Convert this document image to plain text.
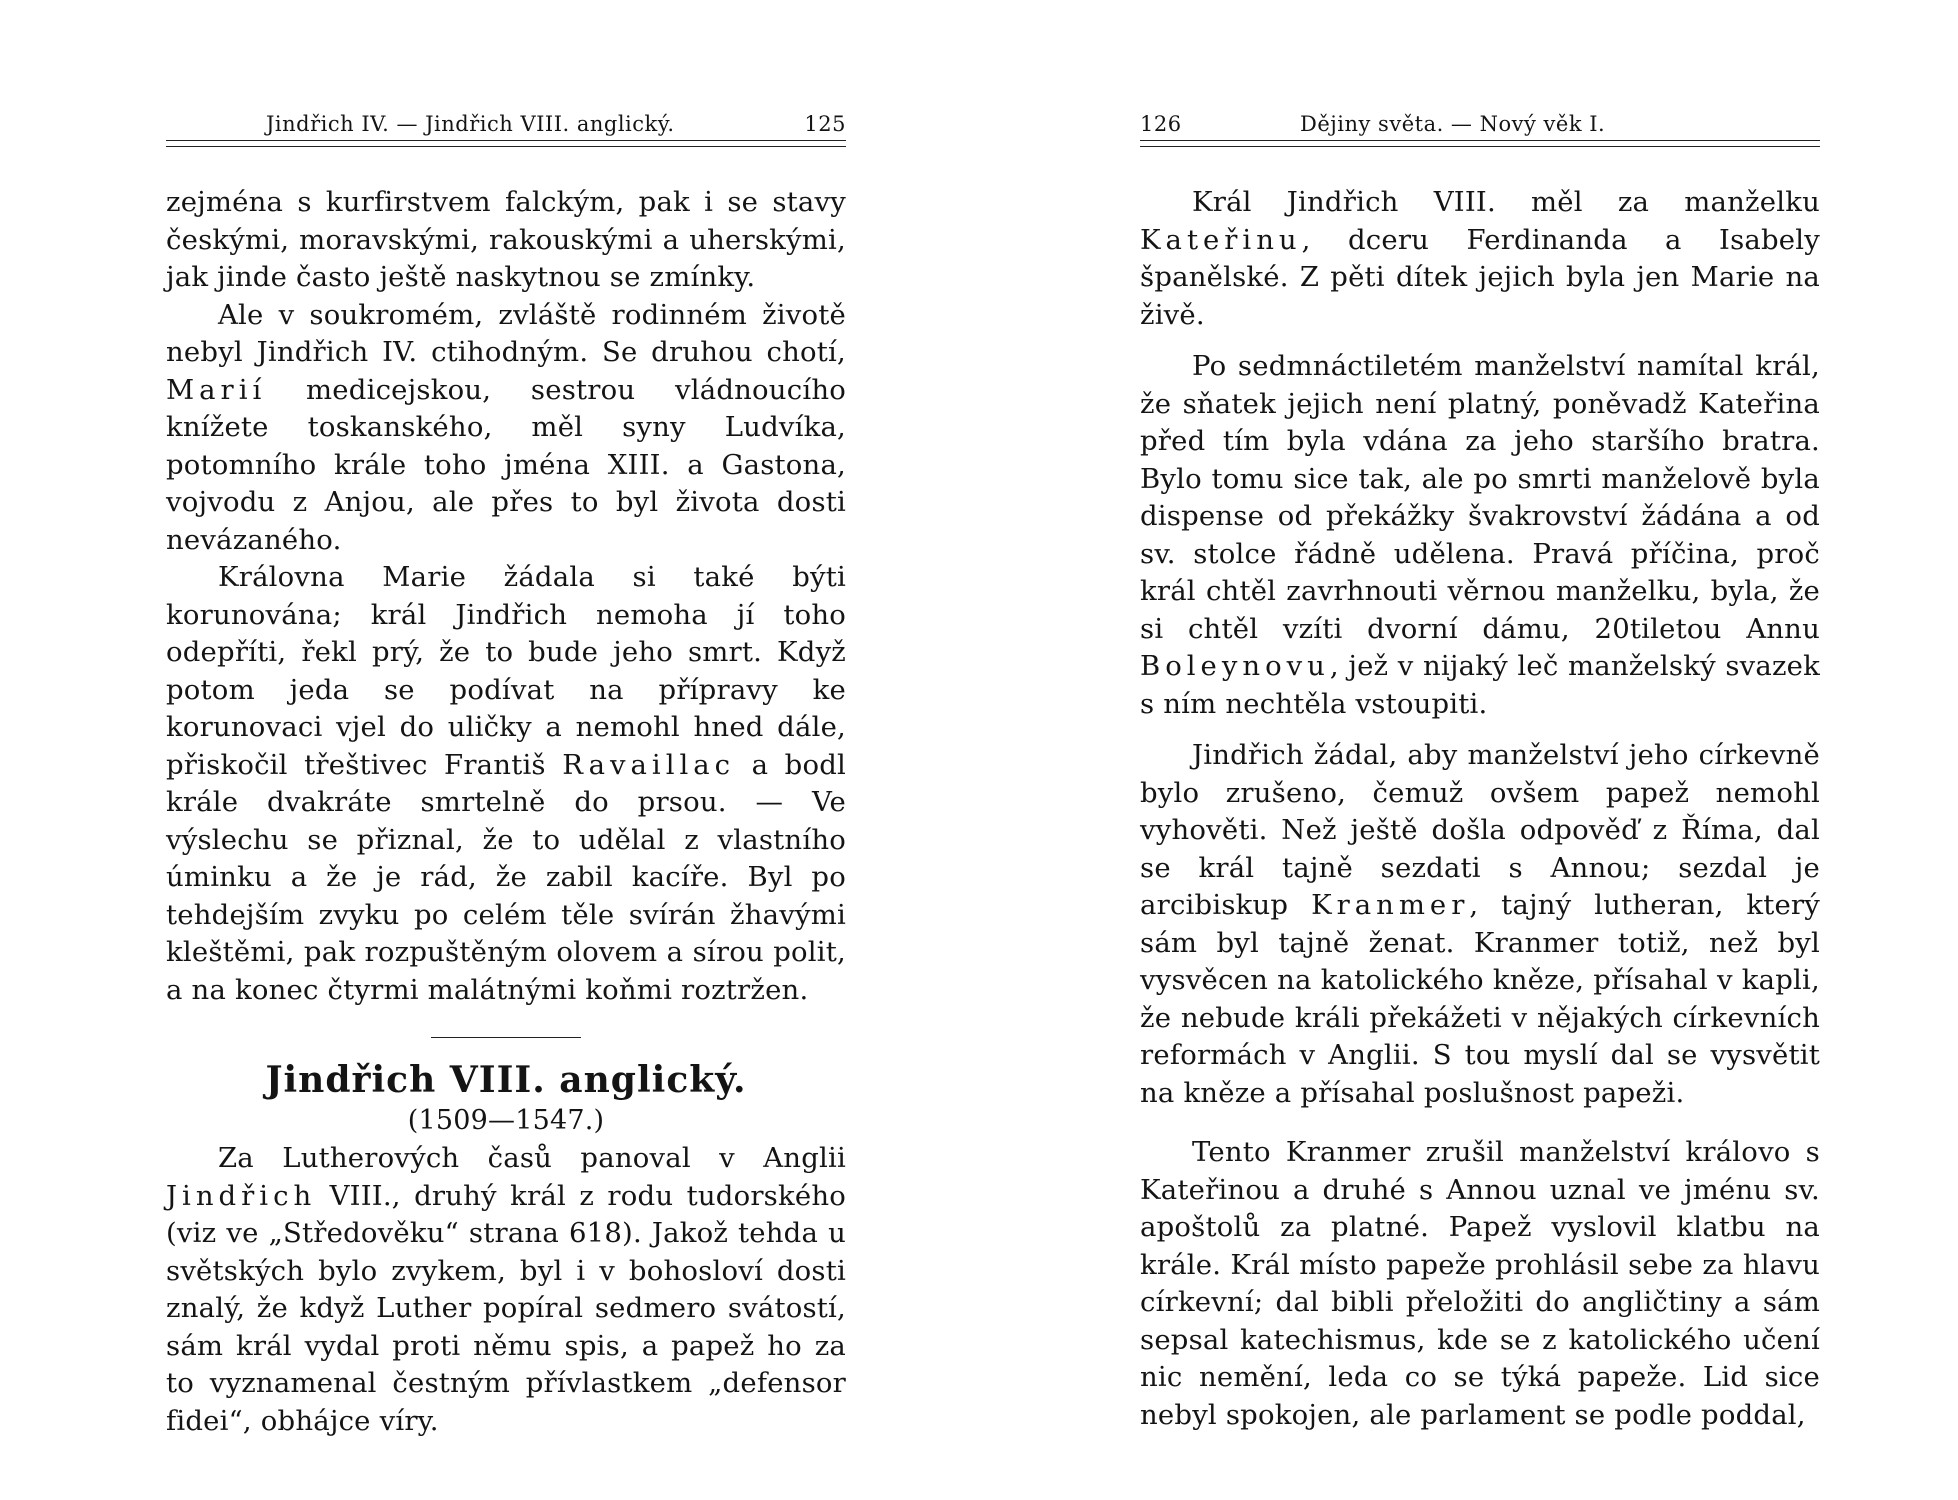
Jindřich IV. — Jindřich VIII. anglický.	125

zejména s kurfirstvem falckým, pak i se stavy českými, moravskými, rakouskými a uherskými, jak jinde často ještě naskytnou se zmínky.

Ale v soukromém, zvláště rodinném životě nebyl Jindřich IV. ctihodným. Se druhou chotí, Marií medicejskou, sestrou vládnoucího knížete toskanského, měl syny Ludvíka, potomního krále toho jména XIII. a Gastona, vojvodu z Anjou, ale přes to byl života dosti nevázaného.

Královna Marie žádala si také býti korunována; král Jindřich nemoha jí toho odepříti, řekl prý, že to bude jeho smrt. Když potom jeda se podívat na přípravy ke korunovaci vjel do uličky a nemohl hned dále, přiskočil třeštivec Františ Ravaillac a bodl krále dvakráte smrtelně do prsou. — Ve výslechu se přiznal, že to udělal z vlastního úminku a že je rád, že zabil kacíře. Byl po tehdejším zvyku po celém těle svírán žhavými kleštěmi, pak rozpuštěným olovem a sírou polit, a na konec čtyrmi malátnými koňmi roztržen.

Jindřich VIII. anglický.

(1509—1547.)

Za Lutherových časů panoval v Anglii Jindřich VIII., druhý král z rodu tudorského (viz ve „Středověku“ strana 618). Jakož tehda u světských bylo zvykem, byl i v bohosloví dosti znalý, že když Luther popíral sedmero svátostí, sám král vydal proti němu spis, a papež ho za to vyznamenal čestným přívlastkem „defensor fidei“, obhájce víry.

126	Dějiny světa. — Nový věk I.

Král Jindřich VIII. měl za manželku Kateřinu, dceru Ferdinanda a Isabely španělské. Z pěti dítek jejich byla jen Marie na živě.

Po sedmnáctiletém manželství namítal král, že sňatek jejich není platný, poněvadž Kateřina před tím byla vdána za jeho staršího bratra. Bylo tomu sice tak, ale po smrti manželově byla dispense od překážky švakrovství žádána a od sv. stolce řádně udělena. Pravá příčina, proč král chtěl zavrhnouti věrnou manželku, byla, že si chtěl vzíti dvorní dámu, 20tiletou Annu Boleynovu, jež v nijaký leč manželský svazek s ním nechtěla vstoupiti.

Jindřich žádal, aby manželství jeho církevně bylo zrušeno, čemuž ovšem papež nemohl vyhověti. Než ještě došla odpověď z Říma, dal se král tajně sezdati s Annou; sezdal je arcibiskup Kranmer, tajný lutheran, který sám byl tajně ženat. Kranmer totiž, než byl vysvěcen na katolického kněze, přísahal v kapli, že nebude králi překážeti v nějakých církevních reformách v Anglii. S tou myslí dal se vysvětit na kněze a přísahal poslušnost papeži.

Tento Kranmer zrušil manželství královo s Kateřinou a druhé s Annou uznal ve jménu sv. apoštolů za platné. Papež vyslovil klatbu na krále. Král místo papeže prohlásil sebe za hlavu církevní; dal bibli přeložiti do angličtiny a sám sepsal katechismus, kde se z katolického učení nic nemění, leda co se týká papeže. Lid sice nebyl spokojen, ale parlament se podle poddal,
